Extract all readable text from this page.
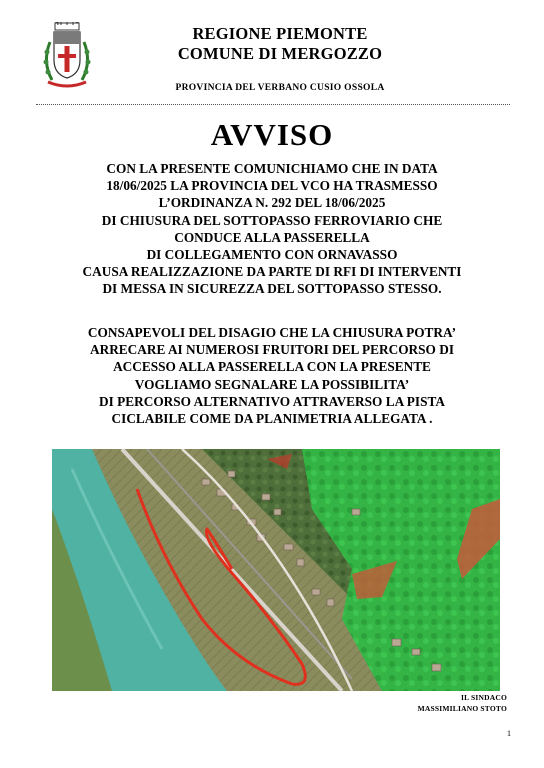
REGIONE PIEMONTE
COMUNE DI MERGOZZO
PROVINCIA DEL VERBANO CUSIO OSSOLA
AVVISO
CON LA PRESENTE COMUNICHIAMO CHE IN DATA
18/06/2025 LA PROVINCIA DEL VCO HA TRASMESSO
L’ORDINANZA N. 292 DEL 18/06/2025
DI CHIUSURA DEL SOTTOPASSO FERROVIARIO CHE
CONDUCE ALLA PASSERELLA
DI COLLEGAMENTO CON ORNAVASSO
CAUSA REALIZZAZIONE DA PARTE DI RFI DI INTERVENTI
DI MESSA IN SICUREZZA DEL SOTTOPASSO STESSO.
CONSAPEVOLI DEL DISAGIO CHE LA CHIUSURA POTRA’
ARRECARE AI NUMEROSI FRUITORI DEL PERCORSO DI
ACCESSO ALLA PASSERELLA CON LA PRESENTE
VOGLIAMO SEGNALARE LA POSSIBILITA’
DI PERCORSO ALTERNATIVO ATTRAVERSO LA PISTA
CICLABILE COME DA PLANIMETRIA ALLEGATA .
IL SINDACO
MASSIMILIANO STOTO
1
